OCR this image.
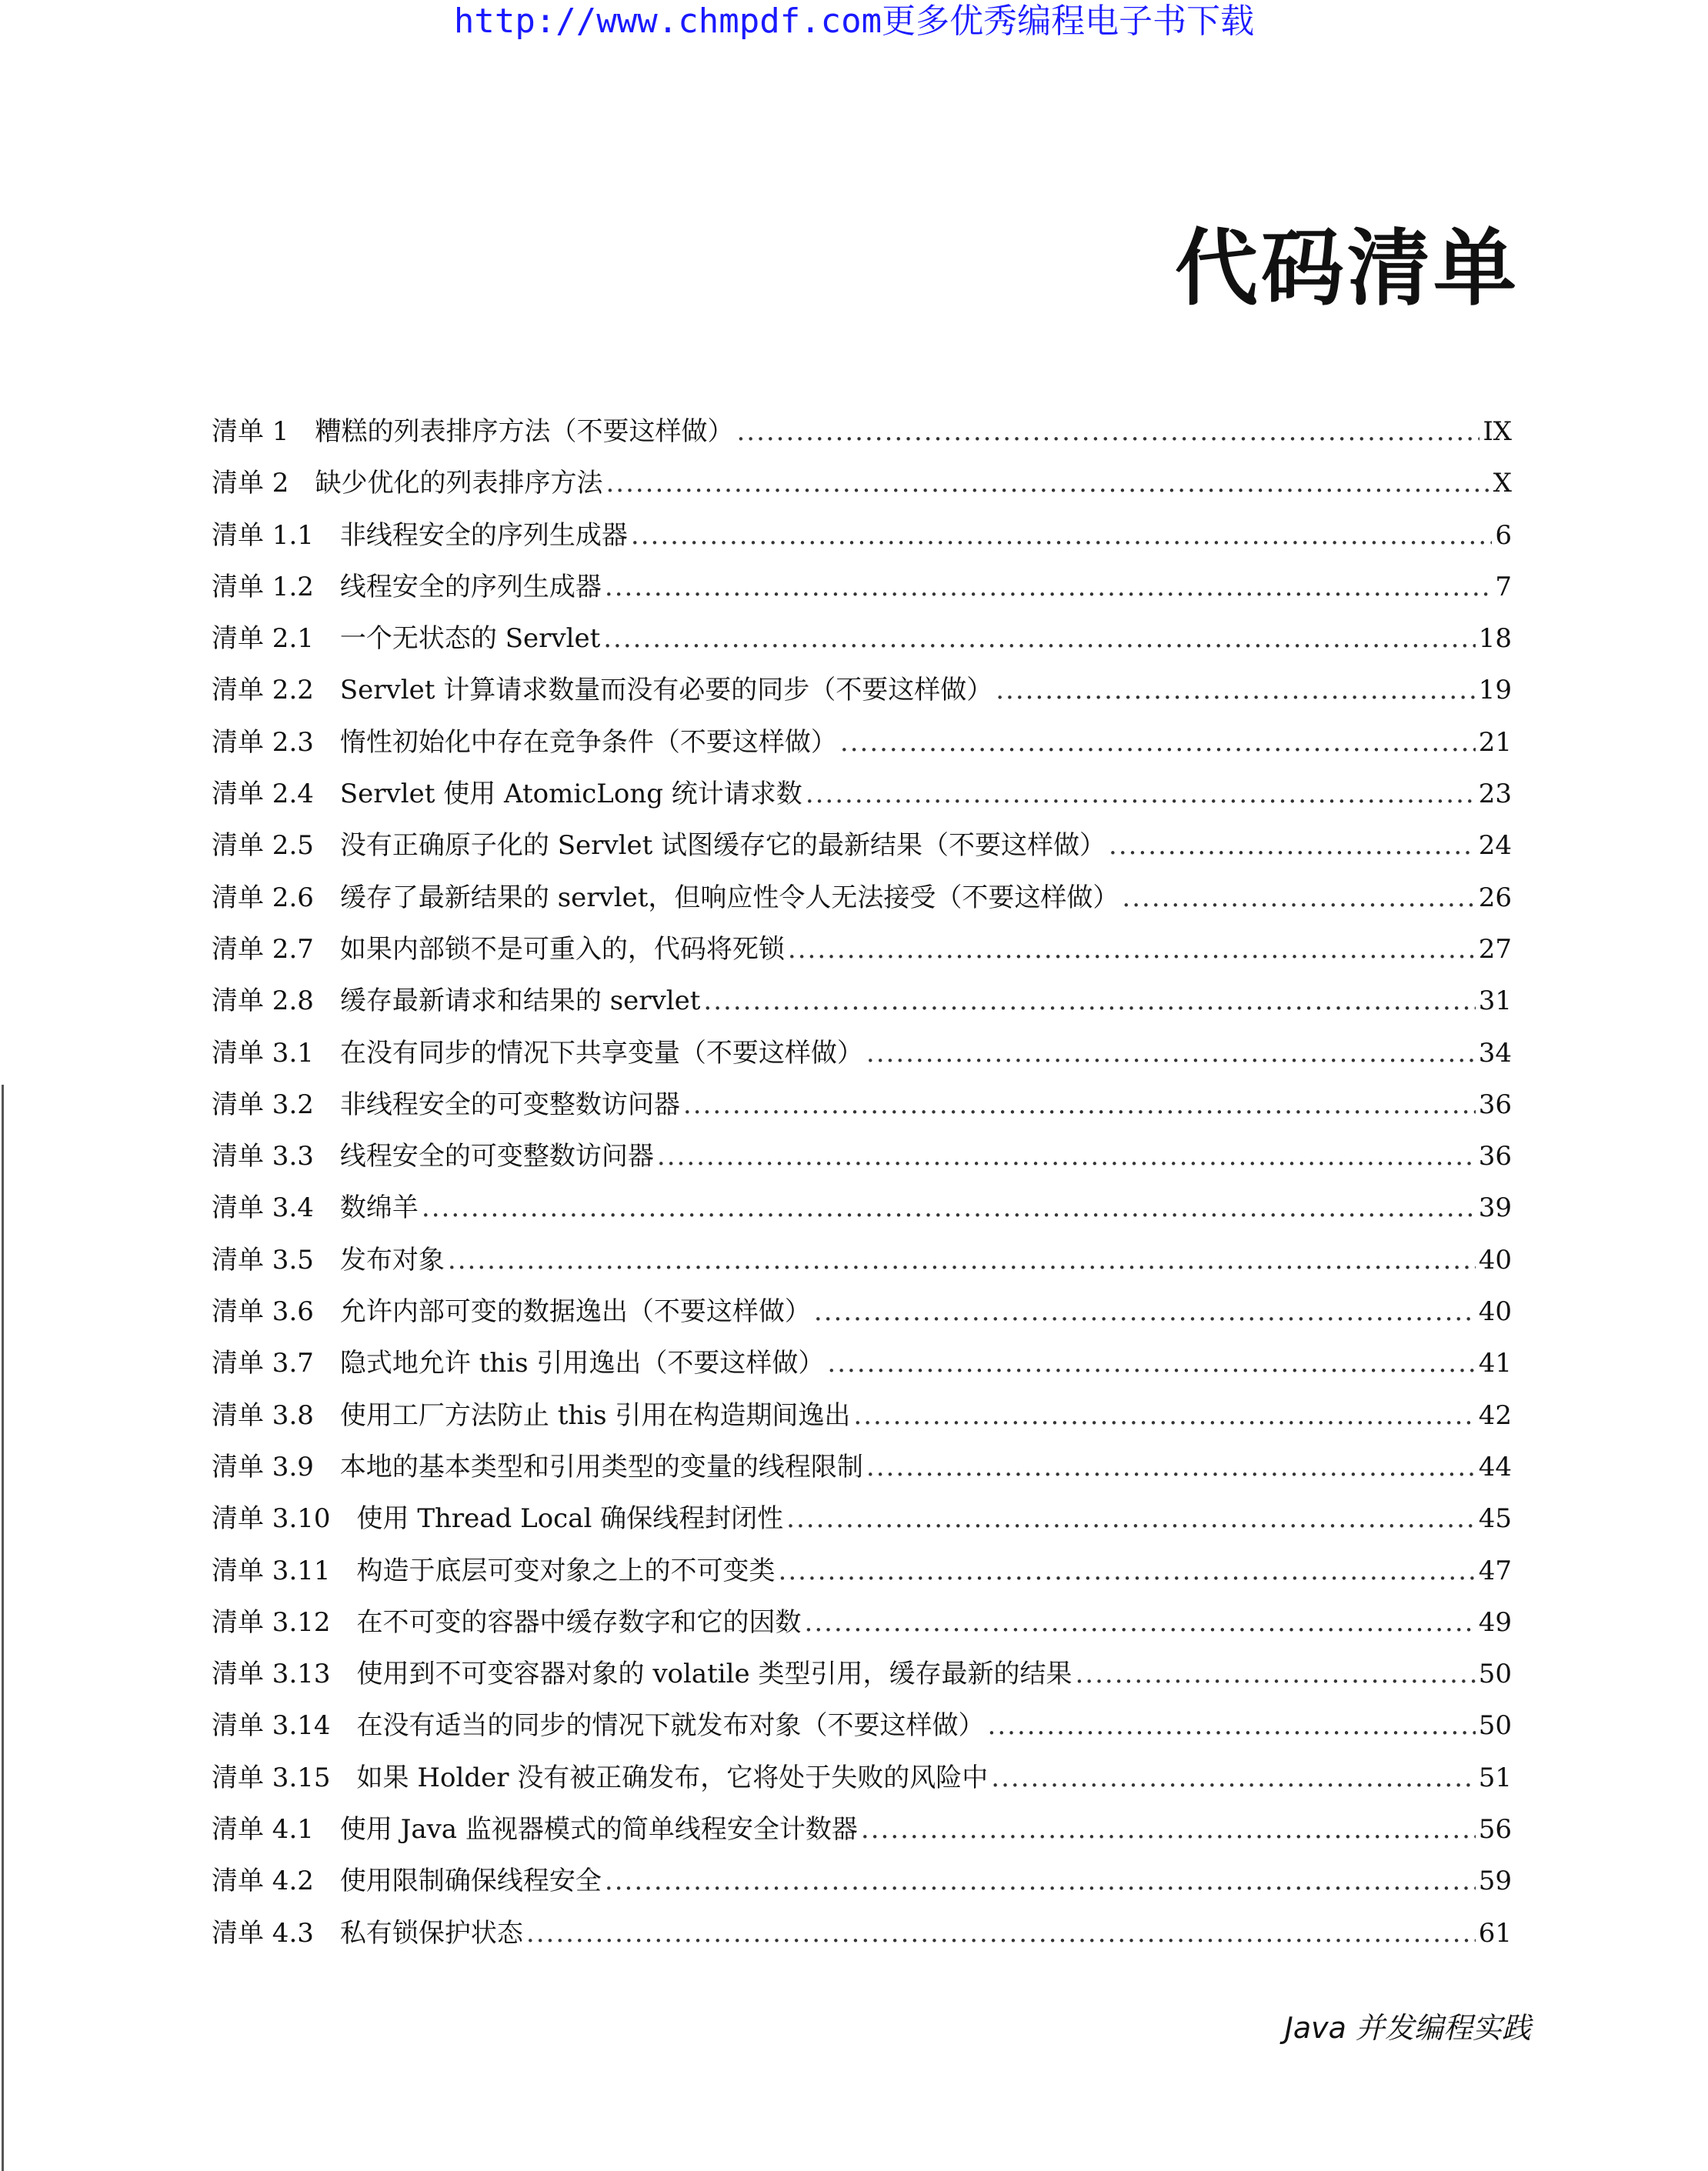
http://www.chmpdf.com更多优秀编程电子书下载
代码清单
清单 1 糟糕的列表排序方法（不要这样做） .....	IX
清单 2 缺少优化的列表排序方法 .....	X
清单 1.1 非线程安全的序列生成器 .....	6
清单 1.2 线程安全的序列生成器 .....	7
清单 2.1 一个无状态的 Servlet .....	18
清单 2.2 Servlet 计算请求数量而没有必要的同步（不要这样做） .....	19
清单 2.3 惰性初始化中存在竞争条件（不要这样做） .....	21
清单 2.4 Servlet 使用 AtomicLong 统计请求数 .....	23
清单 2.5 没有正确原子化的 Servlet 试图缓存它的最新结果（不要这样做） .....	24
清单 2.6 缓存了最新结果的 servlet，但响应性令人无法接受（不要这样做） .....	26
清单 2.7 如果内部锁不是可重入的，代码将死锁 .....	27
清单 2.8 缓存最新请求和结果的 servlet .....	31
清单 3.1 在没有同步的情况下共享变量（不要这样做） .....	34
清单 3.2 非线程安全的可变整数访问器 .....	36
清单 3.3 线程安全的可变整数访问器 .....	36
清单 3.4 数绵羊 .....	39
清单 3.5 发布对象 .....	40
清单 3.6 允许内部可变的数据逸出（不要这样做） .....	40
清单 3.7 隐式地允许 this 引用逸出（不要这样做） .....	41
清单 3.8 使用工厂方法防止 this 引用在构造期间逸出 .....	42
清单 3.9 本地的基本类型和引用类型的变量的线程限制 .....	44
清单 3.10 使用 Thread Local 确保线程封闭性 .....	45
清单 3.11 构造于底层可变对象之上的不可变类 .....	47
清单 3.12 在不可变的容器中缓存数字和它的因数 .....	49
清单 3.13 使用到不可变容器对象的 volatile 类型引用，缓存最新的结果 .....	50
清单 3.14 在没有适当的同步的情况下就发布对象（不要这样做） .....	50
清单 3.15 如果 Holder 没有被正确发布，它将处于失败的风险中 .....	51
清单 4.1 使用 Java 监视器模式的简单线程安全计数器 .....	56
清单 4.2 使用限制确保线程安全 .....	59
清单 4.3 私有锁保护状态 .....	61
Java 并发编程实践
